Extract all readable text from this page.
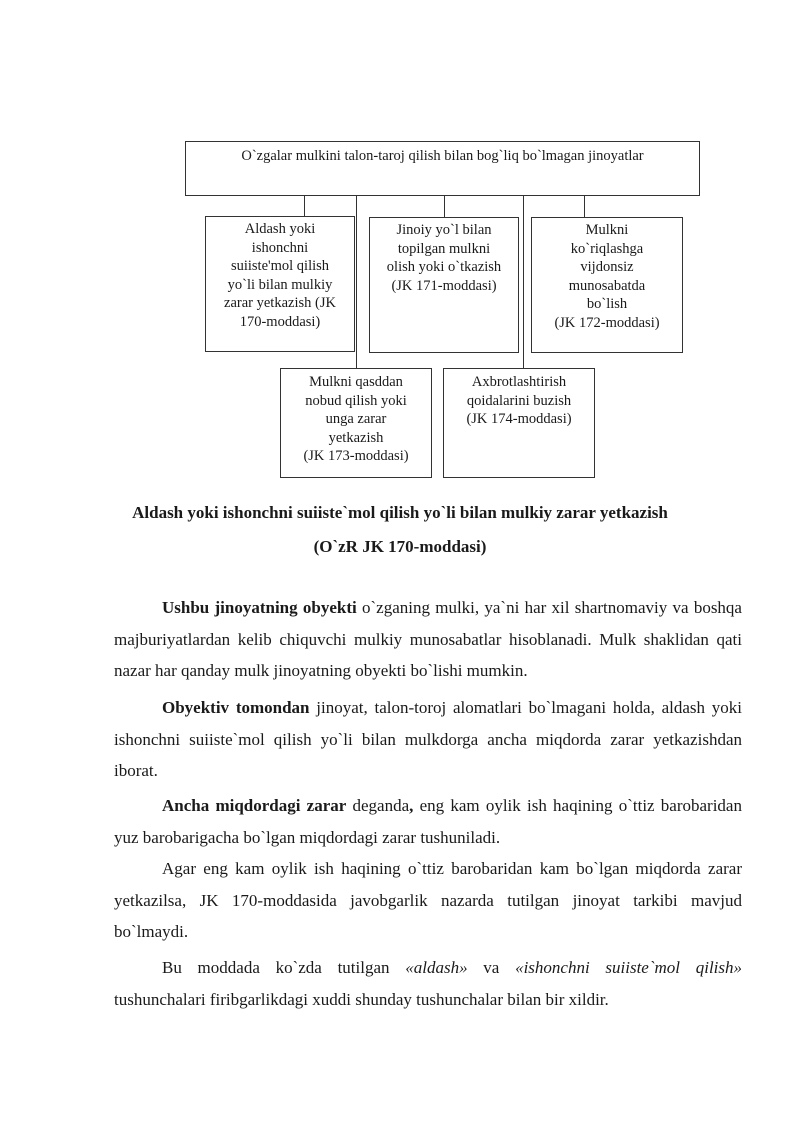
O`zgalar mulkini talon-taroj qilish bilan bog`liq bo`lmagan jinoyatlar
Aldash yoki
ishonchni
suiiste'mol qilish
yo`li bilan mulkiy
zarar yetkazish (JK
170-moddasi)
Jinoiy yo`l bilan
topilgan mulkni
olish yoki o`tkazish
(JK 171-moddasi)
Mulkni
ko`riqlashga
vijdonsiz
munosabatda
bo`lish
(JK 172-moddasi)
Mulkni qasddan
nobud qilish yoki
unga zarar
yetkazish
(JK 173-moddasi)
Axbrotlashtirish
qoidalarini buzish
(JK 174-moddasi)
Aldash yoki ishonchni suiiste`mol qilish yo`li bilan mulkiy zarar yetkazish
(O`zR JK 170-moddasi)
Ushbu jinoyatning obyekti o`zganing mulki, ya`ni har xil shartnomaviy va boshqa majburiyatlardan kelib chiquvchi mulkiy munosabatlar hisoblanadi. Mulk shaklidan qati nazar har qanday mulk jinoyatning obyekti bo`lishi mumkin.
Obyektiv tomondan jinoyat, talon-toroj alomatlari bo`lmagani holda, aldash yoki ishonchni suiiste`mol qilish yo`li bilan mulkdorga ancha miqdorda zarar yetkazishdan iborat.
Ancha miqdordagi zarar deganda, eng kam oylik ish haqining o`ttiz barobaridan yuz barobarigacha bo`lgan miqdordagi zarar tushuniladi.
Agar eng kam oylik ish haqining o`ttiz barobaridan kam bo`lgan miqdorda zarar yetkazilsa, JK 170-moddasida javobgarlik nazarda tutilgan jinoyat tarkibi mavjud bo`lmaydi.
Bu moddada ko`zda tutilgan «aldash» va «ishonchni suiiste`mol qilish» tushunchalari firibgarlikdagi xuddi shunday tushunchalar bilan bir xildir.
